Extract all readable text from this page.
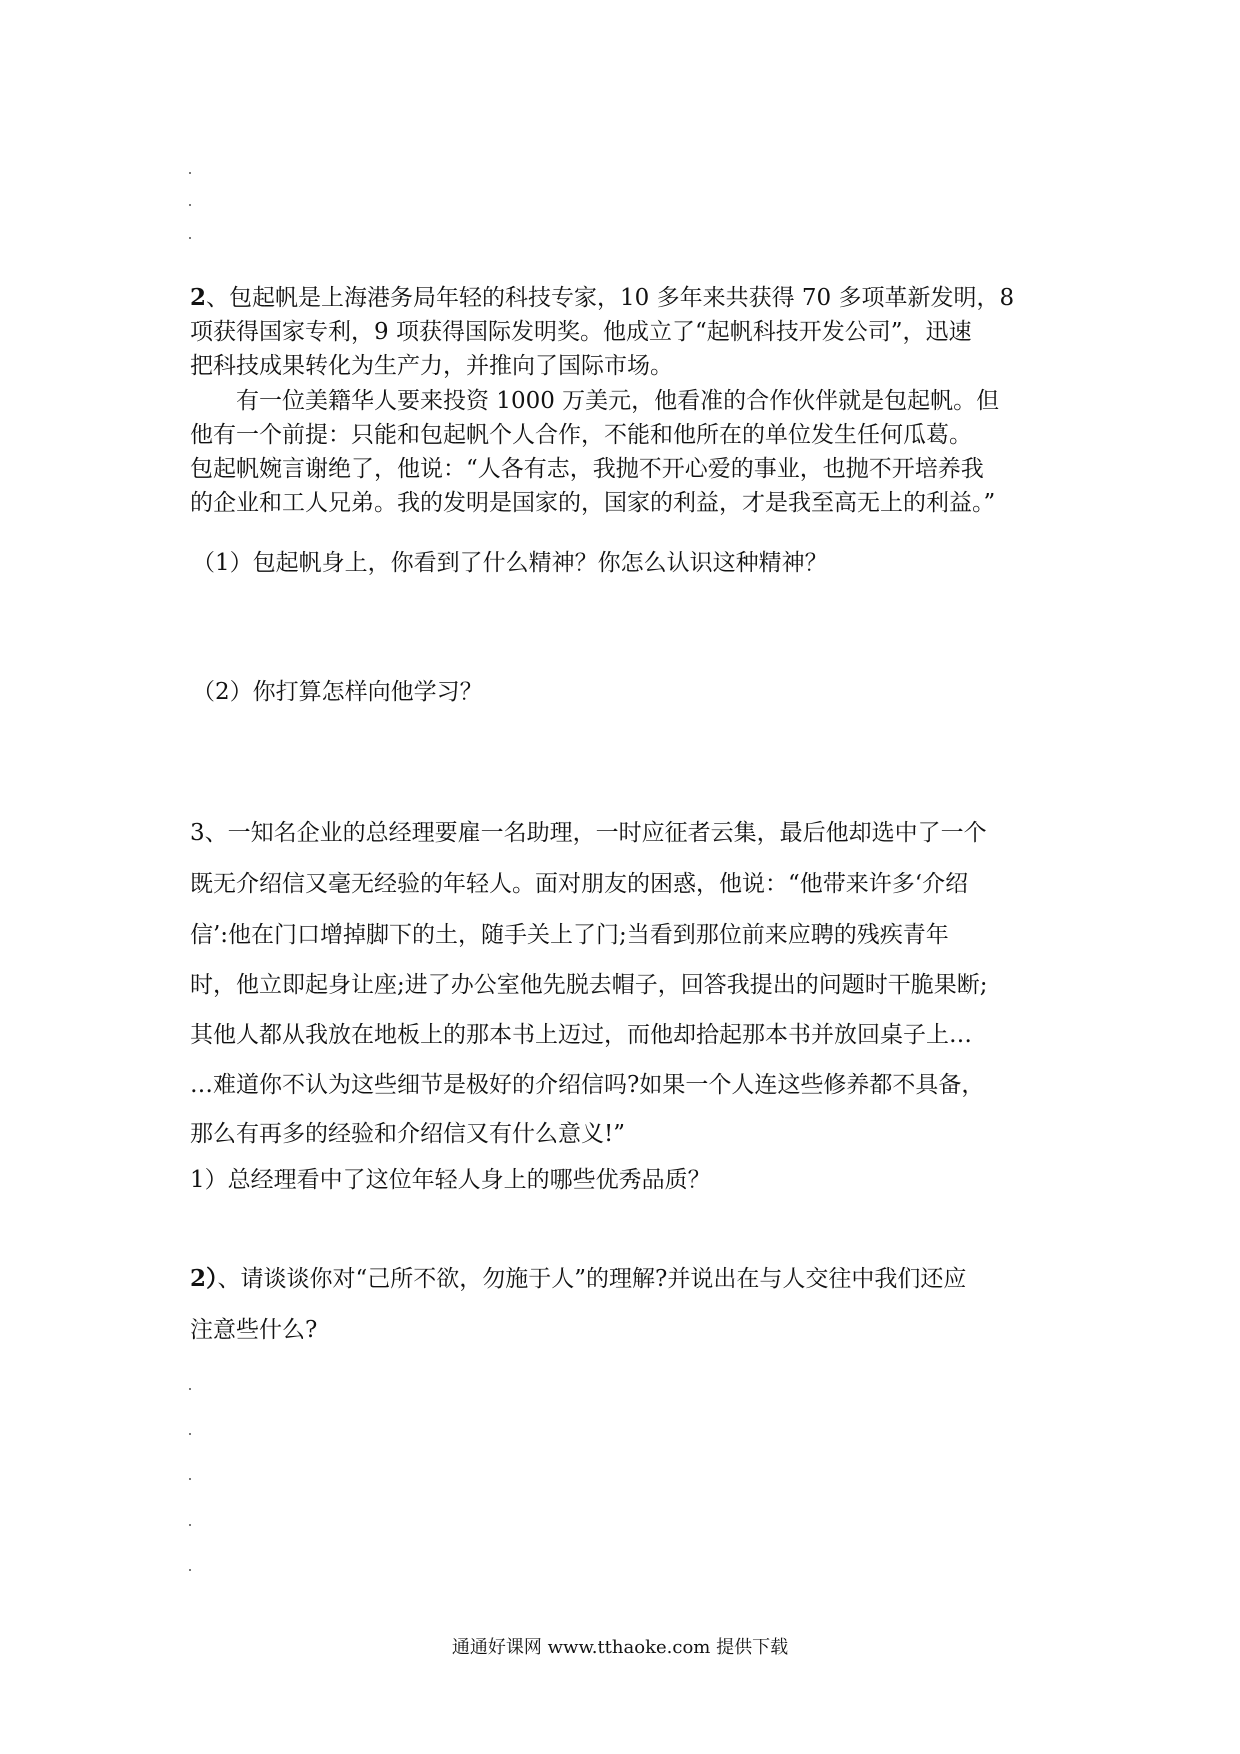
2、包起帆是上海港务局年轻的科技专家，10 多年来共获得 70 多项革新发明，8
项获得国家专利，9 项获得国际发明奖。他成立了“起帆科技开发公司”，迅速
把科技成果转化为生产力，并推向了国际市场。
有一位美籍华人要来投资 1000 万美元，他看准的合作伙伴就是包起帆。但
他有一个前提：只能和包起帆个人合作，不能和他所在的单位发生任何瓜葛。
包起帆婉言谢绝了，他说：“人各有志，我抛不开心爱的事业，也抛不开培养我
的企业和工人兄弟。我的发明是国家的，国家的利益，才是我至高无上的利益。”
（1）包起帆身上，你看到了什么精神？你怎么认识这种精神？
（2）你打算怎样向他学习？
3、一知名企业的总经理要雇一名助理，一时应征者云集，最后他却选中了一个
既无介绍信又毫无经验的年轻人。面对朋友的困惑，他说：“他带来许多‘介绍
信’:他在门口增掉脚下的土，随手关上了门;当看到那位前来应聘的残疾青年
时，他立即起身让座;进了办公室他先脱去帽子，回答我提出的问题时干脆果断;
其他人都从我放在地板上的那本书上迈过，而他却拾起那本书并放回桌子上…
…难道你不认为这些细节是极好的介绍信吗?如果一个人连这些修养都不具备，
那么有再多的经验和介绍信又有什么意义!”
1）总经理看中了这位年轻人身上的哪些优秀品质？
2）、请谈谈你对“己所不欲，勿施于人”的理解?并说出在与人交往中我们还应
注意些什么?
通通好课网 www.tthaoke.com 提供下载
